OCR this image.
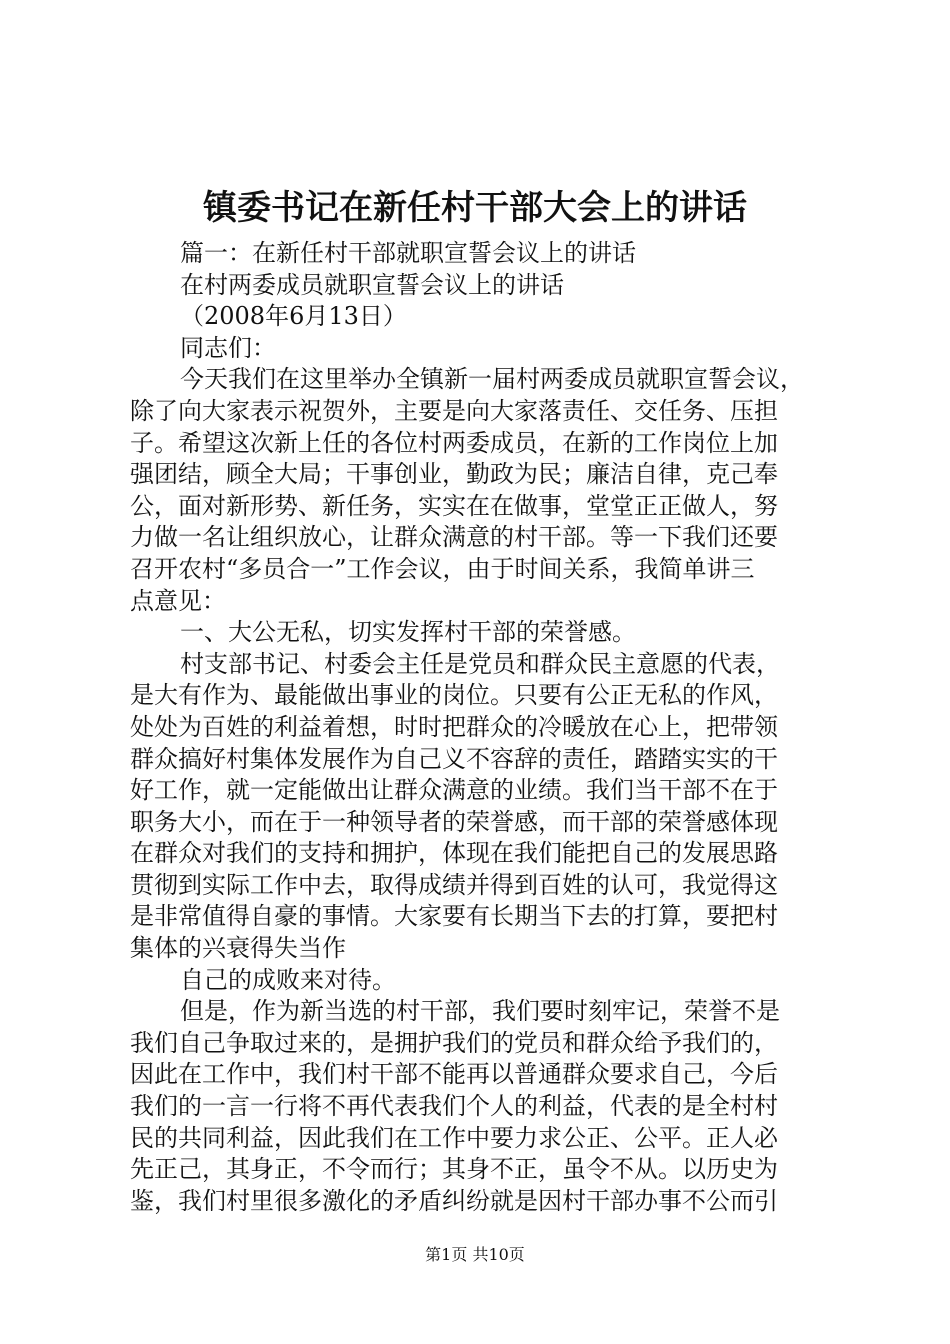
镇委书记在新任村干部大会上的讲话
篇一：在新任村干部就职宣誓会议上的讲话
在村两委成员就职宣誓会议上的讲话
（2008年6月13日）
同志们：
今天我们在这里举办全镇新一届村两委成员就职宣誓会议，
除了向大家表示祝贺外，主要是向大家落责任、交任务、压担
子。希望这次新上任的各位村两委成员，在新的工作岗位上加
强团结，顾全大局；干事创业，勤政为民；廉洁自律，克己奉
公，面对新形势、新任务，实实在在做事，堂堂正正做人，努
力做一名让组织放心，让群众满意的村干部。等一下我们还要
召开农村“多员合一”工作会议，由于时间关系，我简单讲三
点意见：
一、大公无私，切实发挥村干部的荣誉感。
村支部书记、村委会主任是党员和群众民主意愿的代表，
是大有作为、最能做出事业的岗位。只要有公正无私的作风，
处处为百姓的利益着想，时时把群众的冷暖放在心上，把带领
群众搞好村集体发展作为自己义不容辞的责任，踏踏实实的干
好工作，就一定能做出让群众满意的业绩。我们当干部不在于
职务大小，而在于一种领导者的荣誉感，而干部的荣誉感体现
在群众对我们的支持和拥护，体现在我们能把自己的发展思路
贯彻到实际工作中去，取得成绩并得到百姓的认可，我觉得这
是非常值得自豪的事情。大家要有长期当下去的打算，要把村
集体的兴衰得失当作
自己的成败来对待。
但是，作为新当选的村干部，我们要时刻牢记，荣誉不是
我们自己争取过来的，是拥护我们的党员和群众给予我们的，
因此在工作中，我们村干部不能再以普通群众要求自己，今后
我们的一言一行将不再代表我们个人的利益，代表的是全村村
民的共同利益，因此我们在工作中要力求公正、公平。正人必
先正己，其身正，不令而行；其身不正，虽令不从。以历史为
鉴，我们村里很多激化的矛盾纠纷就是因村干部办事不公而引
第1页 共10页
